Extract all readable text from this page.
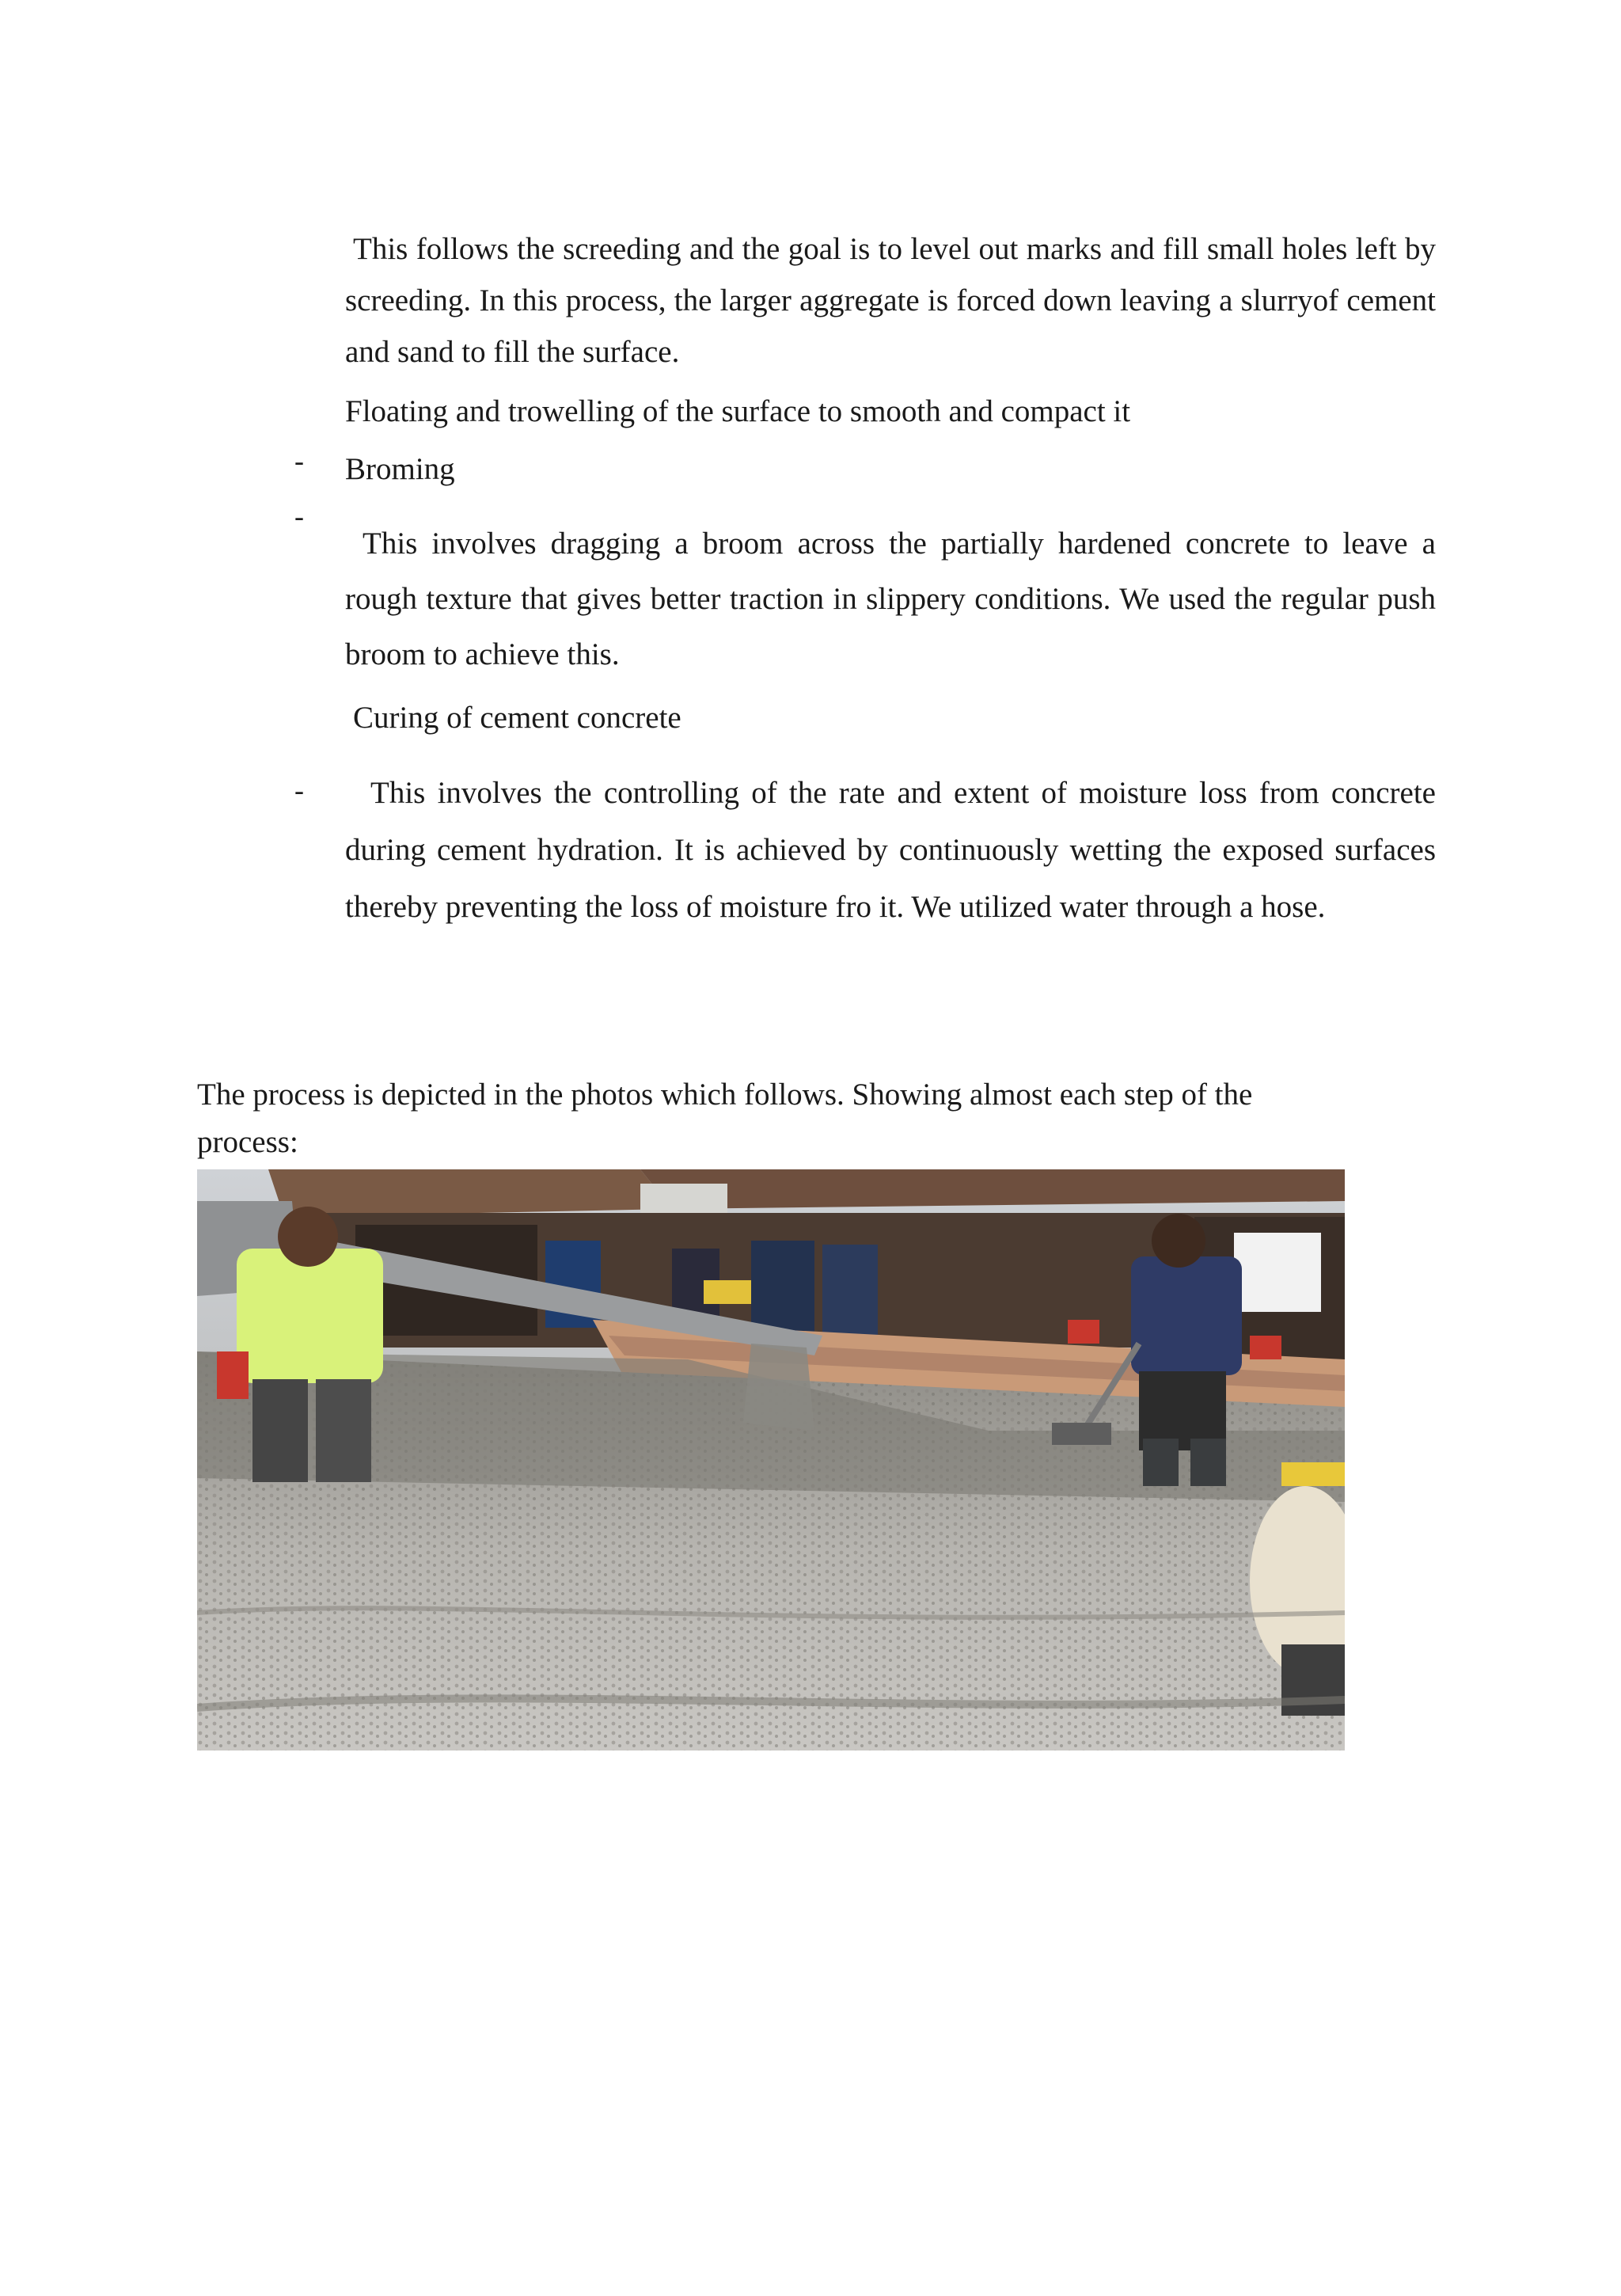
This follows the screeding and the goal is to level out marks and fill small holes left by screeding. In this process, the larger aggregate is forced down leaving a slurryof cement and sand to fill the surface.

Floating and trowelling of the surface to smooth and compact it

- Broming

-

This involves dragging a broom across the partially hardened concrete to leave a rough texture that gives better traction in slippery conditions. We used the regular push broom to achieve this.

Curing of cement concrete

-	This involves the controlling of the rate and extent of moisture loss from concrete during cement hydration. It is achieved by continuously wetting the exposed surfaces thereby preventing the loss of moisture fro it. We utilized water through a hose.

The process is depicted in the photos which follows. Showing almost each step of the

process:
